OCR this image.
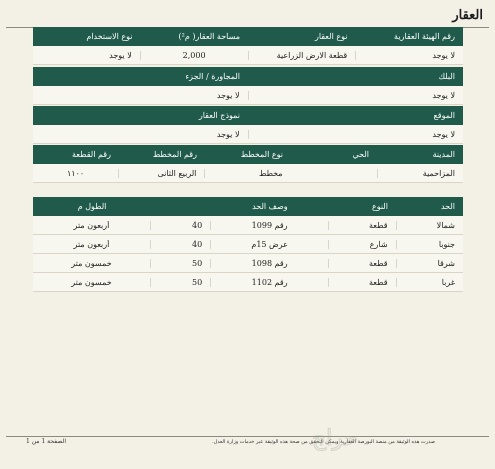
العقار
رقم الهيئة العقارية
نوع العقار
مساحة العقار( م²)
نوع الاستخدام
لا يوجد
قطعة الارض الزراعية
2,000
لا يوجد
البلك
المجاورة / الجزء
لا يوجد
لا يوجد
الموقع
نموذج العقار
لا يوجد
لا يوجد
المدينة
الحي
نوع المخطط
رقم المخطط
رقم القطعة
المزاحمية
مخطط
الربيع الثانى
١١٠٠
الحد
النوع
وصف الحد
الطول م
شمالا
قطعة
رقم 1099
40
أربعون متر
جنوبا
شارع
عرض 15م
40
أربعون متر
شرقا
قطعة
رقم 1098
50
خمسون متر
غربا
قطعة
رقم 1102
50
خمسون متر
صدرت هذه الوثيقة من منصة البورصة العقارية ويمكن التحقق من صحة هذه الوثيقة عبر خدمات وزارة العدل.
الصفحة 1 من 1	حراج
